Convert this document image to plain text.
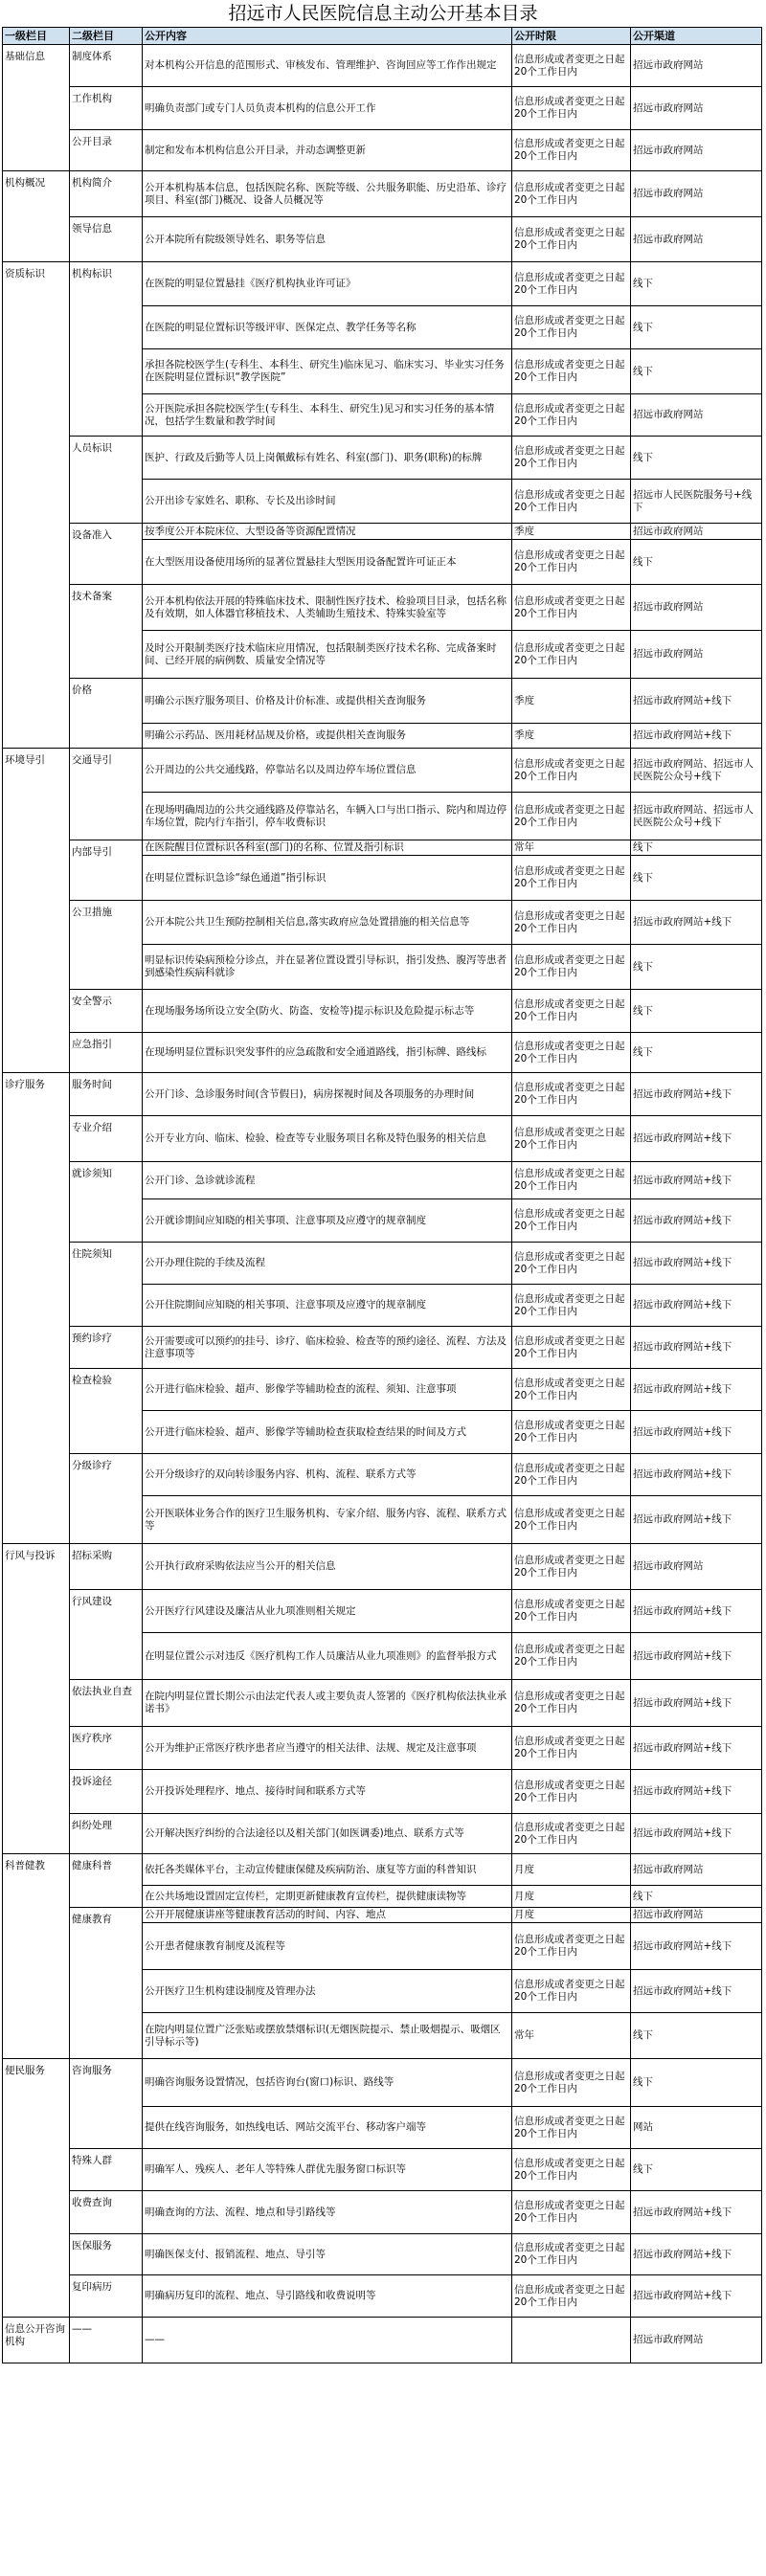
招远市人民医院信息主动公开基本目录
一级栏目	二级栏目	公开内容	公开时限	公开渠道
基础信息	制度体系	对本机构公开信息的范围形式、审核发布、管理维护、咨询回应等工作作出规定	信息形成或者变更之日起20个工作日内	招远市政府网站
	工作机构	明确负责部门或专门人员负责本机构的信息公开工作	信息形成或者变更之日起20个工作日内	招远市政府网站
	公开目录	制定和发布本机构信息公开目录，并动态调整更新	信息形成或者变更之日起20个工作日内	招远市政府网站
机构概况	机构简介	公开本机构基本信息，包括医院名称、医院等级、公共服务职能、历史沿革、诊疗项目、科室(部门)概况、设备人员概况等	信息形成或者变更之日起20个工作日内	招远市政府网站
	领导信息	公开本院所有院级领导姓名、职务等信息	信息形成或者变更之日起20个工作日内	招远市政府网站
资质标识	机构标识	在医院的明显位置悬挂《医疗机构执业许可证》	信息形成或者变更之日起20个工作日内	线下
		在医院的明显位置标识等级评审、医保定点、教学任务等名称	信息形成或者变更之日起20个工作日内	线下
		承担各院校医学生(专科生、本科生、研究生)临床见习、临床实习、毕业实习任务在医院明显位置标识“教学医院”	信息形成或者变更之日起20个工作日内	线下
		公开医院承担各院校医学生(专科生、本科生、研究生)见习和实习任务的基本情况，包括学生数量和教学时间	信息形成或者变更之日起20个工作日内	招远市政府网站
	人员标识	医护、行政及后勤等人员上岗佩戴标有姓名、科室(部门)、职务(职称)的标牌	信息形成或者变更之日起20个工作日内	线下
		公开出诊专家姓名、职称、专长及出诊时间	信息形成或者变更之日起20个工作日内	招远市人民医院服务号+线下
	设备准入	按季度公开本院床位、大型设备等资源配置情况	季度	招远市政府网站
		在大型医用设备使用场所的显著位置悬挂大型医用设备配置许可证正本	信息形成或者变更之日起20个工作日内	线下
	技术备案	公开本机构依法开展的特殊临床技术、限制性医疗技术、检验项目目录，包括名称及有效期，如人体器官移植技术、人类辅助生殖技术、特殊实验室等	信息形成或者变更之日起20个工作日内	招远市政府网站
		及时公开限制类医疗技术临床应用情况，包括限制类医疗技术名称、完成备案时间、已经开展的病例数、质量安全情况等	信息形成或者变更之日起20个工作日内	招远市政府网站
	价格	明确公示医疗服务项目、价格及计价标准、或提供相关查询服务	季度	招远市政府网站+线下
		明确公示药品、医用耗材品规及价格，或提供相关查询服务	季度	招远市政府网站+线下
环境导引	交通导引	公开周边的公共交通线路，停靠站名以及周边停车场位置信息	信息形成或者变更之日起20个工作日内	招远市政府网站、招远市人民医院公众号+线下
		在现场明确周边的公共交通线路及停靠站名，车辆入口与出口指示、院内和周边停车场位置，院内行车指引，停车收费标识	信息形成或者变更之日起20个工作日内	招远市政府网站、招远市人民医院公众号+线下
	内部导引	在医院醒目位置标识各科室(部门)的名称、位置及指引标识	常年	线下
		在明显位置标识急诊“绿色通道”指引标识	信息形成或者变更之日起20个工作日内	线下
	公卫措施	公开本院公共卫生预防控制相关信息,落实政府应急处置措施的相关信息等	信息形成或者变更之日起20个工作日内	招远市政府网站+线下
		明显标识传染病预检分诊点，并在显著位置设置引导标识，指引发热、腹泻等患者到感染性疾病科就诊	信息形成或者变更之日起20个工作日内	线下
	安全警示	在现场服务场所设立安全(防火、防盗、安检等)提示标识及危险提示标志等	信息形成或者变更之日起20个工作日内	线下
	应急指引	在现场明显位置标识突发事件的应急疏散和安全通道路线，指引标牌、路线标	信息形成或者变更之日起20个工作日内	线下
诊疗服务	服务时间	公开门诊、急诊服务时间(含节假日)，病房探视时间及各项服务的办理时间	信息形成或者变更之日起20个工作日内	招远市政府网站+线下
	专业介绍	公开专业方向、临床、检验、检查等专业服务项目名称及特色服务的相关信息	信息形成或者变更之日起20个工作日内	招远市政府网站+线下
	就诊须知	公开门诊、急诊就诊流程	信息形成或者变更之日起20个工作日内	招远市政府网站+线下
		公开就诊期间应知晓的相关事项、注意事项及应遵守的规章制度	信息形成或者变更之日起20个工作日内	招远市政府网站+线下
	住院须知	公开办理住院的手续及流程	信息形成或者变更之日起20个工作日内	招远市政府网站+线下
		公开住院期间应知晓的相关事项、注意事项及应遵守的规章制度	信息形成或者变更之日起20个工作日内	招远市政府网站+线下
	预约诊疗	公开需要或可以预约的挂号、诊疗、临床检验、检查等的预约途径、流程、方法及注意事项等	信息形成或者变更之日起20个工作日内	招远市政府网站+线下
	检查检验	公开进行临床检验、超声、影像学等辅助检查的流程、须知、注意事项	信息形成或者变更之日起20个工作日内	招远市政府网站+线下
		公开进行临床检验、超声、影像学等辅助检查获取检查结果的时间及方式	信息形成或者变更之日起20个工作日内	招远市政府网站+线下
	分级诊疗	公开分级诊疗的双向转诊服务内容、机构、流程、联系方式等	信息形成或者变更之日起20个工作日内	招远市政府网站+线下
		公开医联体业务合作的医疗卫生服务机构、专家介绍、服务内容、流程、联系方式等	信息形成或者变更之日起20个工作日内	招远市政府网站+线下
行风与投诉	招标采购	公开执行政府采购依法应当公开的相关信息	信息形成或者变更之日起20个工作日内	招远市政府网站
	行风建设	公开医疗行风建设及廉洁从业九项准则相关规定	信息形成或者变更之日起20个工作日内	招远市政府网站+线下
		在明显位置公示对违反《医疗机构工作人员廉洁从业九项准则》的监督举报方式	信息形成或者变更之日起20个工作日内	招远市政府网站+线下
	依法执业自查	在院内明显位置长期公示由法定代表人或主要负责人签署的《医疗机构依法执业承诺书》	信息形成或者变更之日起20个工作日内	招远市政府网站+线下
	医疗秩序	公开为维护正常医疗秩序患者应当遵守的相关法律、法规、规定及注意事项	信息形成或者变更之日起20个工作日内	招远市政府网站+线下
	投诉途径	公开投诉处理程序、地点、接待时间和联系方式等	信息形成或者变更之日起20个工作日内	招远市政府网站+线下
	纠纷处理	公开解决医疗纠纷的合法途径以及相关部门(如医调委)地点、联系方式等	信息形成或者变更之日起20个工作日内	招远市政府网站+线下
科普健教	健康科普	依托各类媒体平台，主动宣传健康保健及疾病防治、康复等方面的科普知识	月度	招远市政府网站
		在公共场地设置固定宣传栏，定期更新健康教育宣传栏，提供健康读物等	月度	线下
	健康教育	公开开展健康讲座等健康教育活动的时间、内容、地点	月度	招远市政府网站
		公开患者健康教育制度及流程等	信息形成或者变更之日起20个工作日内	招远市政府网站+线下
		公开医疗卫生机构建设制度及管理办法	信息形成或者变更之日起20个工作日内	招远市政府网站+线下
		在院内明显位置广泛张贴或摆放禁烟标识(无烟医院提示、禁止吸烟提示、吸烟区引导标示等)	常年	线下
便民服务	咨询服务	明确咨询服务设置情况，包括咨询台(窗口)标识、路线等	信息形成或者变更之日起20个工作日内	线下
		提供在线咨询服务，如热线电话、网站交流平台、移动客户端等	信息形成或者变更之日起20个工作日内	网站
	特殊人群	明确军人、残疾人、老年人等特殊人群优先服务窗口标识等	信息形成或者变更之日起20个工作日内	线下
	收费查询	明确查询的方法、流程、地点和导引路线等	信息形成或者变更之日起20个工作日内	招远市政府网站+线下
	医保服务	明确医保支付、报销流程、地点、导引等	信息形成或者变更之日起20个工作日内	招远市政府网站+线下
	复印病历	明确病历复印的流程、地点、导引路线和收费说明等	信息形成或者变更之日起20个工作日内	招远市政府网站+线下
信息公开咨询机构	——	——		招远市政府网站
